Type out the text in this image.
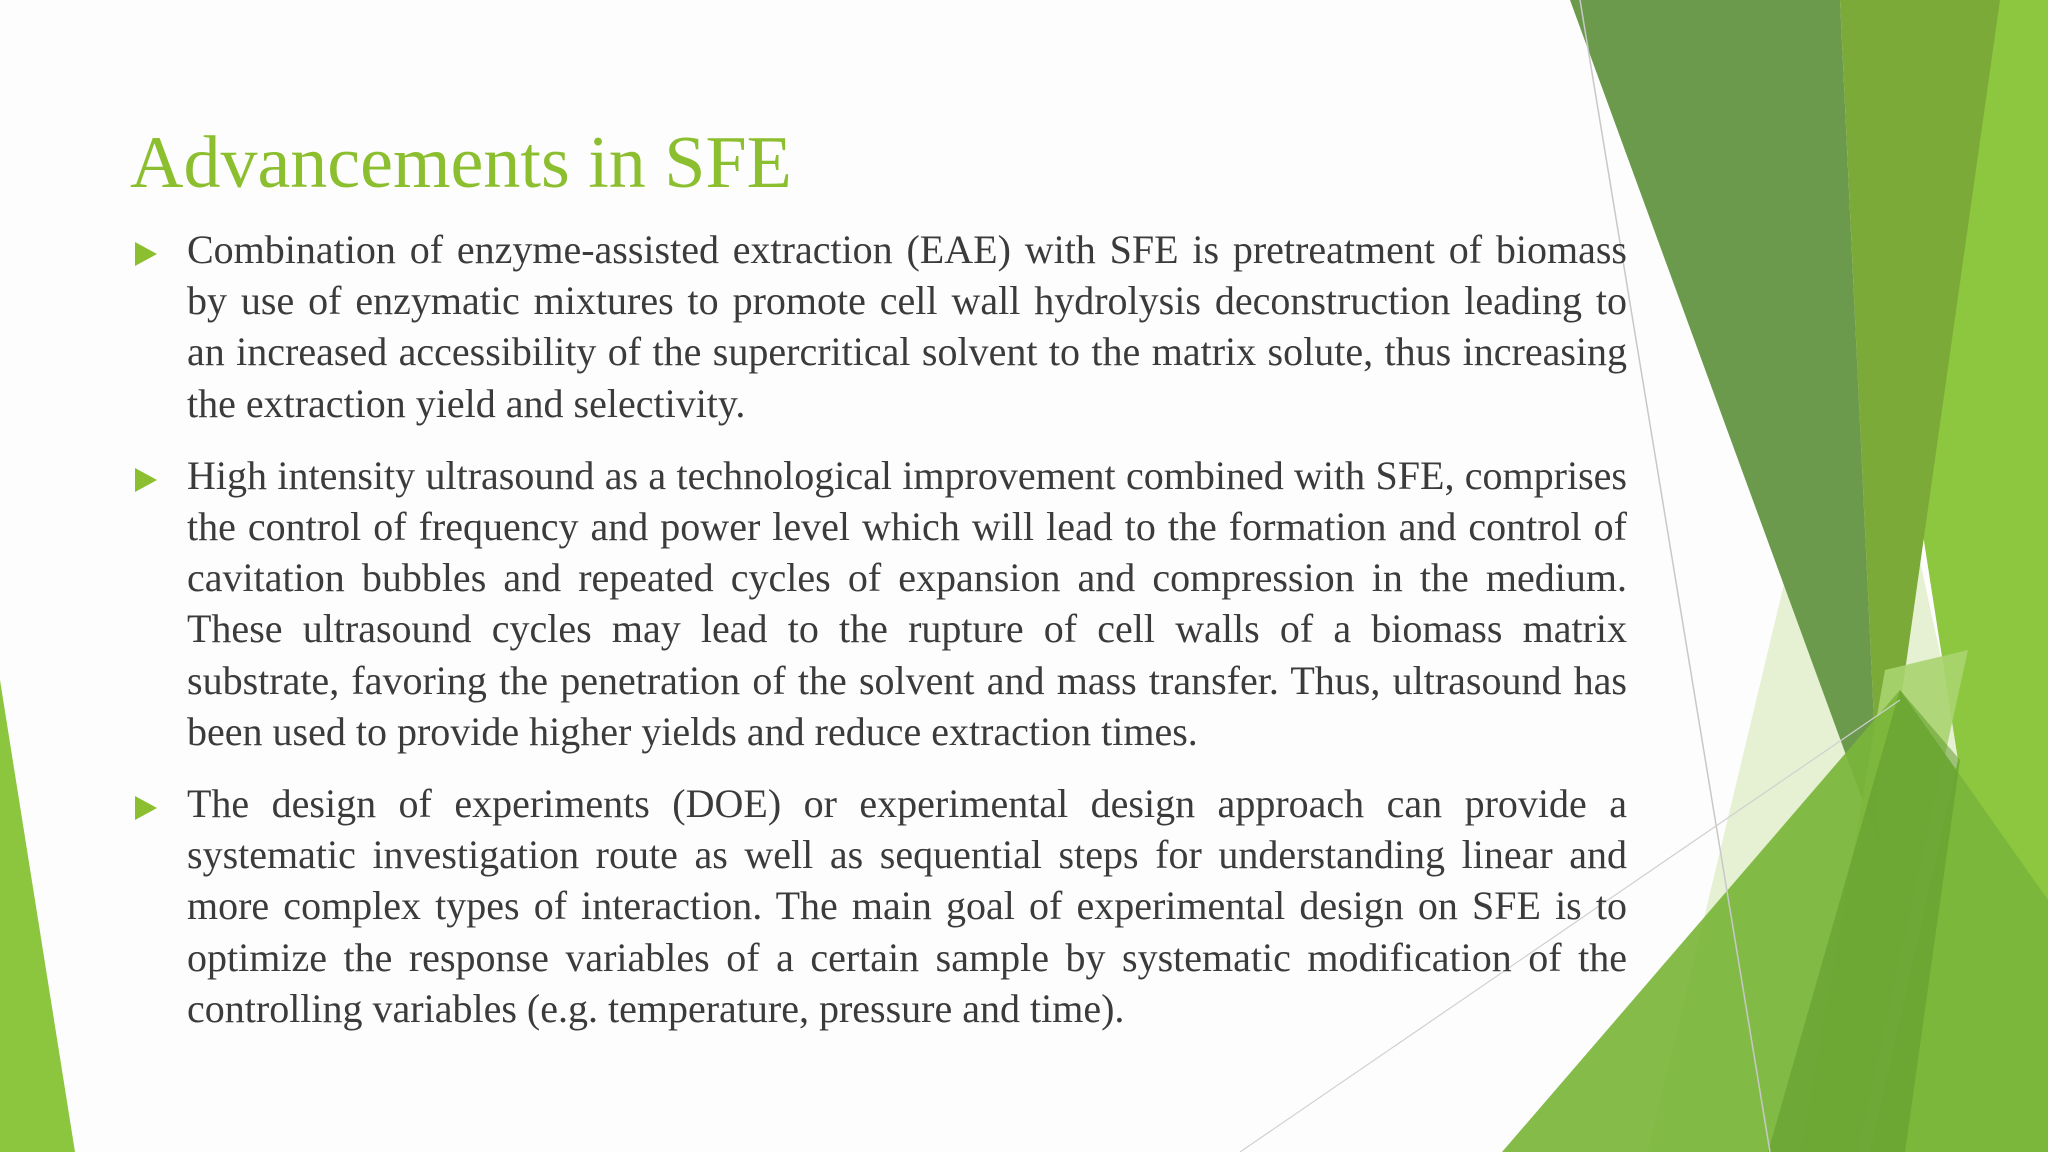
Advancements in SFE

Combination of enzyme-assisted extraction (EAE) with SFE is pretreatment of biomass by use of enzymatic mixtures to promote cell wall hydrolysis deconstruction leading to an increased accessibility of the supercritical solvent to the matrix solute, thus increasing the extraction yield and selectivity.

High intensity ultrasound as a technological improvement combined with SFE, comprises the control of frequency and power level which will lead to the formation and control of cavitation bubbles and repeated cycles of expansion and compression in the medium. These ultrasound cycles may lead to the rupture of cell walls of a biomass matrix substrate, favoring the penetration of the solvent and mass transfer. Thus, ultrasound has been used to provide higher yields and reduce extraction times.

The design of experiments (DOE) or experimental design approach can provide a systematic investigation route as well as sequential steps for understanding linear and more complex types of interaction. The main goal of experimental design on SFE is to optimize the response variables of a certain sample by systematic modification of the controlling variables (e.g. temperature, pressure and time).
